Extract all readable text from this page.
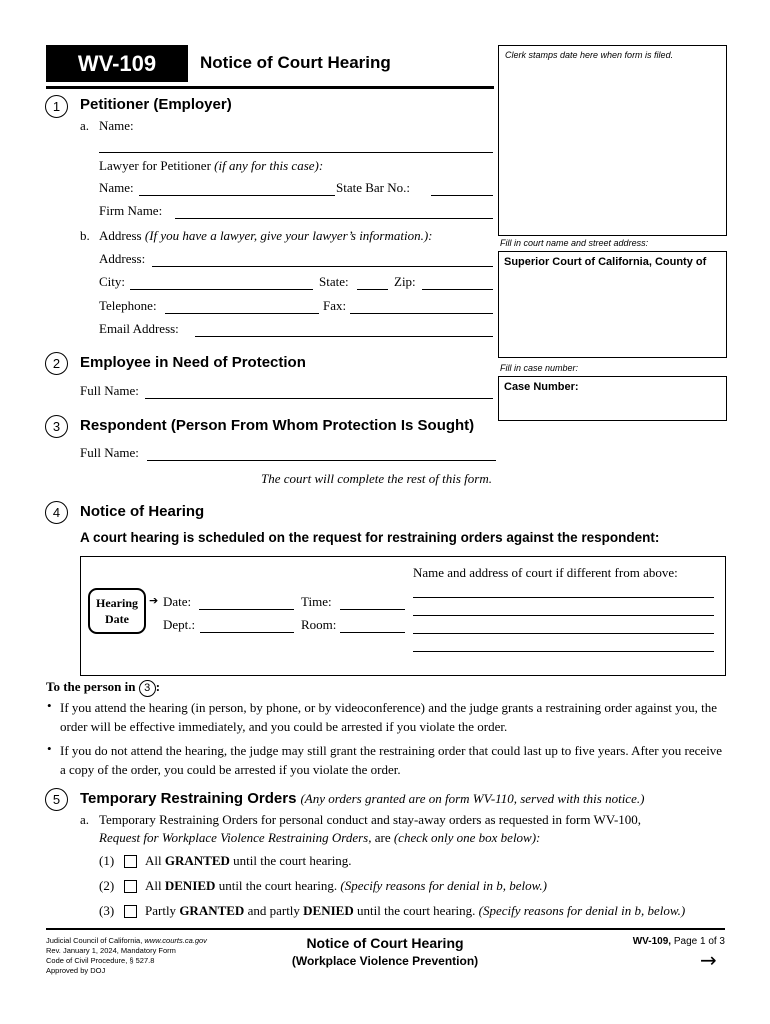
WV-109	Notice of Court Hearing	Clerk stamps date here when form is filed.
Fill in court name and street address:
Superior Court of California, County of
Fill in case number:
Case Number:
1	Petitioner (Employer)
a. Name:
Lawyer for Petitioner (if any for this case):
Name:	State Bar No.:
Firm Name:
b. Address (If you have a lawyer, give your lawyer’s information.):
Address:
City:	State:	Zip:
Telephone:	Fax:
Email Address:
2	Employee in Need of Protection
Full Name:
3	Respondent (Person From Whom Protection Is Sought)
Full Name:
The court will complete the rest of this form.
4	Notice of Hearing
A court hearing is scheduled on the request for restraining orders against the respondent:
Hearing
Date
➔ Date:	Time:
Dept.:	Room:
Name and address of court if different from above:
To the person in 3 :
• If you attend the hearing (in person, by phone, or by videoconference) and the judge grants a restraining order against you, the order will be effective immediately, and you could be arrested if you violate the order.
• If you do not attend the hearing, the judge may still grant the restraining order that could last up to five years. After you receive a copy of the order, you could be arrested if you violate the order.
5	Temporary Restraining Orders (Any orders granted are on form WV-110, served with this notice.)
a. Temporary Restraining Orders for personal conduct and stay-away orders as requested in form WV-100,
Request for Workplace Violence Restraining Orders, are (check only one box below):
(1) All GRANTED until the court hearing.
(2) All DENIED until the court hearing. (Specify reasons for denial in b, below.)
(3) Partly GRANTED and partly DENIED until the court hearing. (Specify reasons for denial in b, below.)
Judicial Council of California, www.courts.ca.gov
Rev. January 1, 2024, Mandatory Form
Code of Civil Procedure, § 527.8
Approved by DOJ
Notice of Court Hearing
(Workplace Violence Prevention)
WV-109, Page 1 of 3
→
